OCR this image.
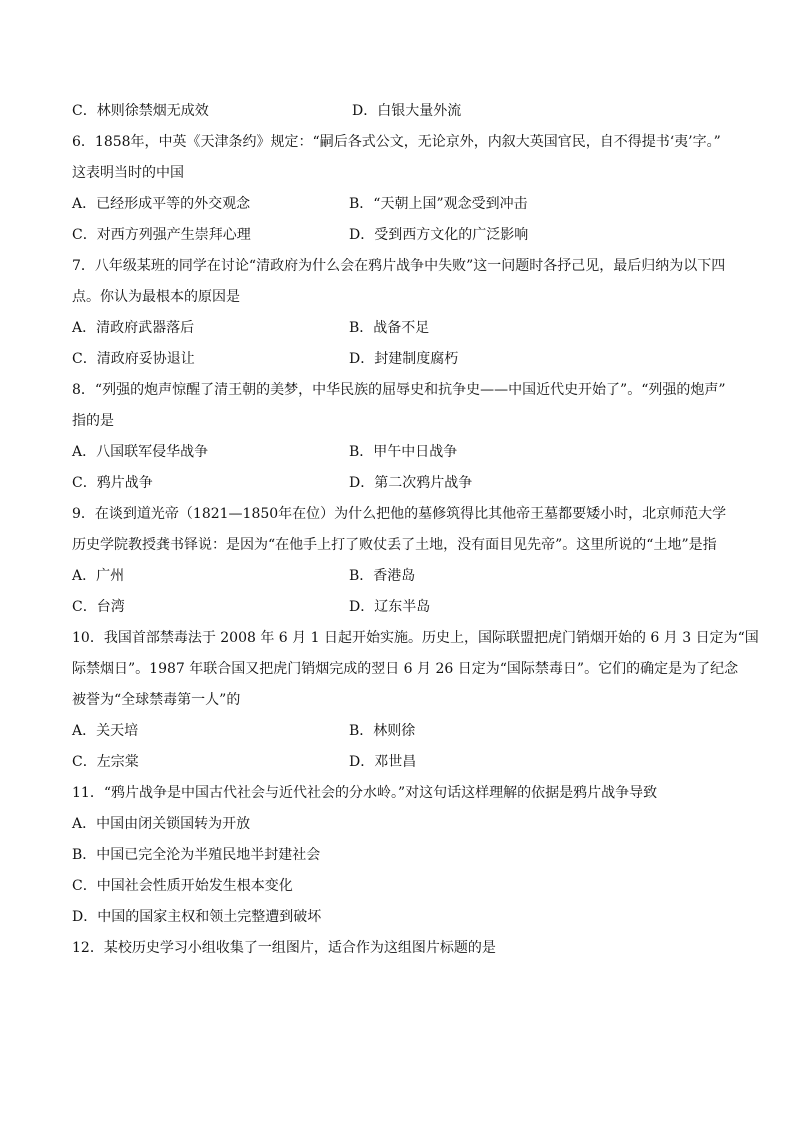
C．林则徐禁烟无成效	D．白银大量外流
6．1858年，中英《天津条约》规定：“嗣后各式公文，无论京外，内叙大英国官民，自不得提书‘夷’字。”
这表明当时的中国
A．已经形成平等的外交观念	B．“天朝上国”观念受到冲击
C．对西方列强产生崇拜心理	D．受到西方文化的广泛影响
7．八年级某班的同学在讨论“清政府为什么会在鸦片战争中失败”这一问题时各抒己见，最后归纳为以下四
点。你认为最根本的原因是
A．清政府武器落后	B．战备不足
C．清政府妥协退让	D．封建制度腐朽
8．“列强的炮声惊醒了清王朝的美梦，中华民族的屈辱史和抗争史——中国近代史开始了”。“列强的炮声”
指的是
A．八国联军侵华战争	B．甲午中日战争
C．鸦片战争	D．第二次鸦片战争
9．在谈到道光帝（1821—1850年在位）为什么把他的墓修筑得比其他帝王墓都要矮小时，北京师范大学
历史学院教授龚书铎说：是因为“在他手上打了败仗丢了土地，没有面目见先帝”。这里所说的“土地”是指
A．广州	B．香港岛
C．台湾	D．辽东半岛
10．我国首部禁毒法于 2008 年 6 月 1 日起开始实施。历史上，国际联盟把虎门销烟开始的 6 月 3 日定为“国
际禁烟日”。1987 年联合国又把虎门销烟完成的翌日 6 月 26 日定为“国际禁毒日”。它们的确定是为了纪念
被誉为“全球禁毒第一人”的
A．关天培	B．林则徐
C．左宗棠	D．邓世昌
11．“鸦片战争是中国古代社会与近代社会的分水岭。”对这句话这样理解的依据是鸦片战争导致
A．中国由闭关锁国转为开放
B．中国已完全沦为半殖民地半封建社会
C．中国社会性质开始发生根本变化
D．中国的国家主权和领土完整遭到破坏
12．某校历史学习小组收集了一组图片，适合作为这组图片标题的是
